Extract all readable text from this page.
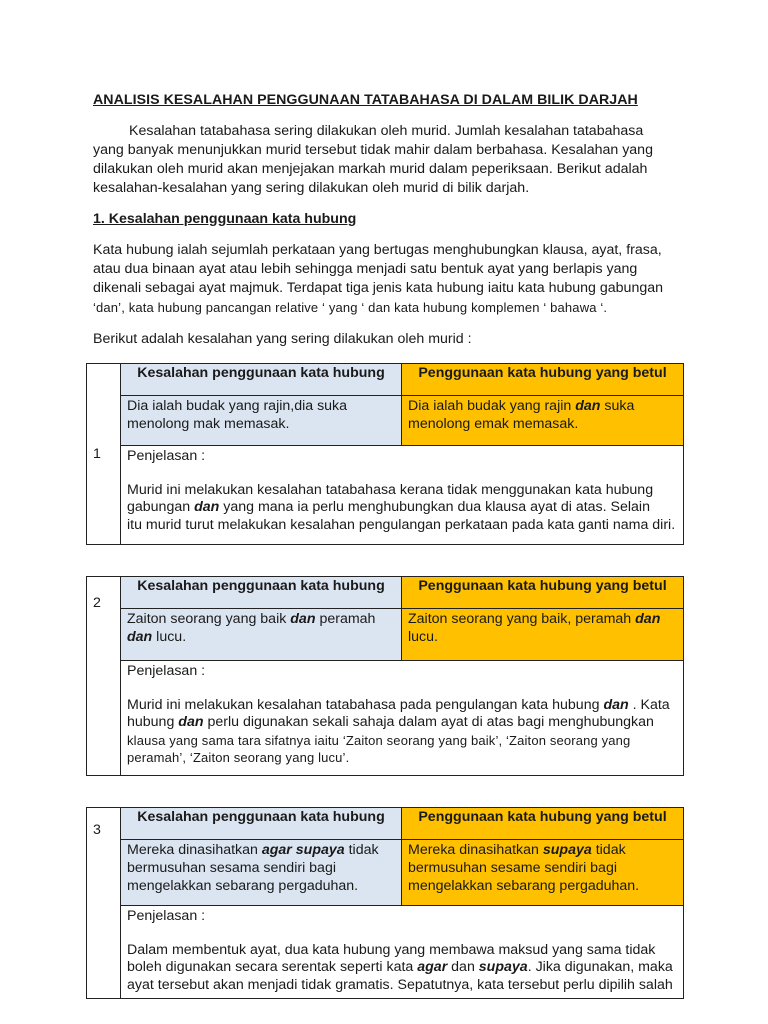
ANALISIS KESALAHAN PENGGUNAAN TATABAHASA DI DALAM BILIK DARJAH
Kesalahan tatabahasa sering dilakukan oleh murid. Jumlah kesalahan tatabahasa
yang banyak menunjukkan murid tersebut tidak mahir dalam berbahasa. Kesalahan yang
dilakukan oleh murid akan menjejakan markah murid dalam peperiksaan. Berikut adalah
kesalahan-kesalahan yang sering dilakukan oleh murid di bilik darjah.
1. Kesalahan penggunaan kata hubung
Kata hubung ialah sejumlah perkataan yang bertugas menghubungkan klausa, ayat, frasa,
atau dua binaan ayat atau lebih sehingga menjadi satu bentuk ayat yang berlapis yang
dikenali sebagai ayat majmuk. Terdapat tiga jenis kata hubung iaitu kata hubung gabungan
‘dan’, kata hubung pancangan relative ‘ yang ‘ dan kata hubung komplemen ‘ bahawa ‘.
Berikut adalah kesalahan yang sering dilakukan oleh murid :
1	Kesalahan penggunaan kata hubung	Penggunaan kata hubung yang betul

	Dia ialah budak yang rajin,dia suka
menolong mak memasak.	Dia ialah budak yang rajin dan suka
menolong emak memasak.

	Penjelasan :
Murid ini melakukan kesalahan tatabahasa kerana tidak menggunakan kata hubung
gabungan dan yang mana ia perlu menghubungkan dua klausa ayat di atas. Selain
itu murid turut melakukan kesalahan pengulangan perkataan pada kata ganti nama diri.	
2	Kesalahan penggunaan kata hubung	Penggunaan kata hubung yang betul

	Zaiton seorang yang baik dan peramah
dan lucu.	Zaiton seorang yang baik, peramah dan
lucu.

	Penjelasan :
Murid ini melakukan kesalahan tatabahasa pada pengulangan kata hubung dan . Kata
hubung dan perlu digunakan sekali sahaja dalam ayat di atas bagi menghubungkan
klausa yang sama tara sifatnya iaitu ‘Zaiton seorang yang baik’, ‘Zaiton seorang yang
peramah’, ‘Zaiton seorang yang lucu’.	
3	Kesalahan penggunaan kata hubung	Penggunaan kata hubung yang betul

	Mereka dinasihatkan agar supaya tidak
bermusuhan sesama sendiri bagi
mengelakkan sebarang pergaduhan.	Mereka dinasihatkan supaya tidak
bermusuhan sesame sendiri bagi
mengelakkan sebarang pergaduhan.

	Penjelasan :
Dalam membentuk ayat, dua kata hubung yang membawa maksud yang sama tidak
boleh digunakan secara serentak seperti kata agar dan supaya. Jika digunakan, maka
ayat tersebut akan menjadi tidak gramatis. Sepatutnya, kata tersebut perlu dipilih salah	
